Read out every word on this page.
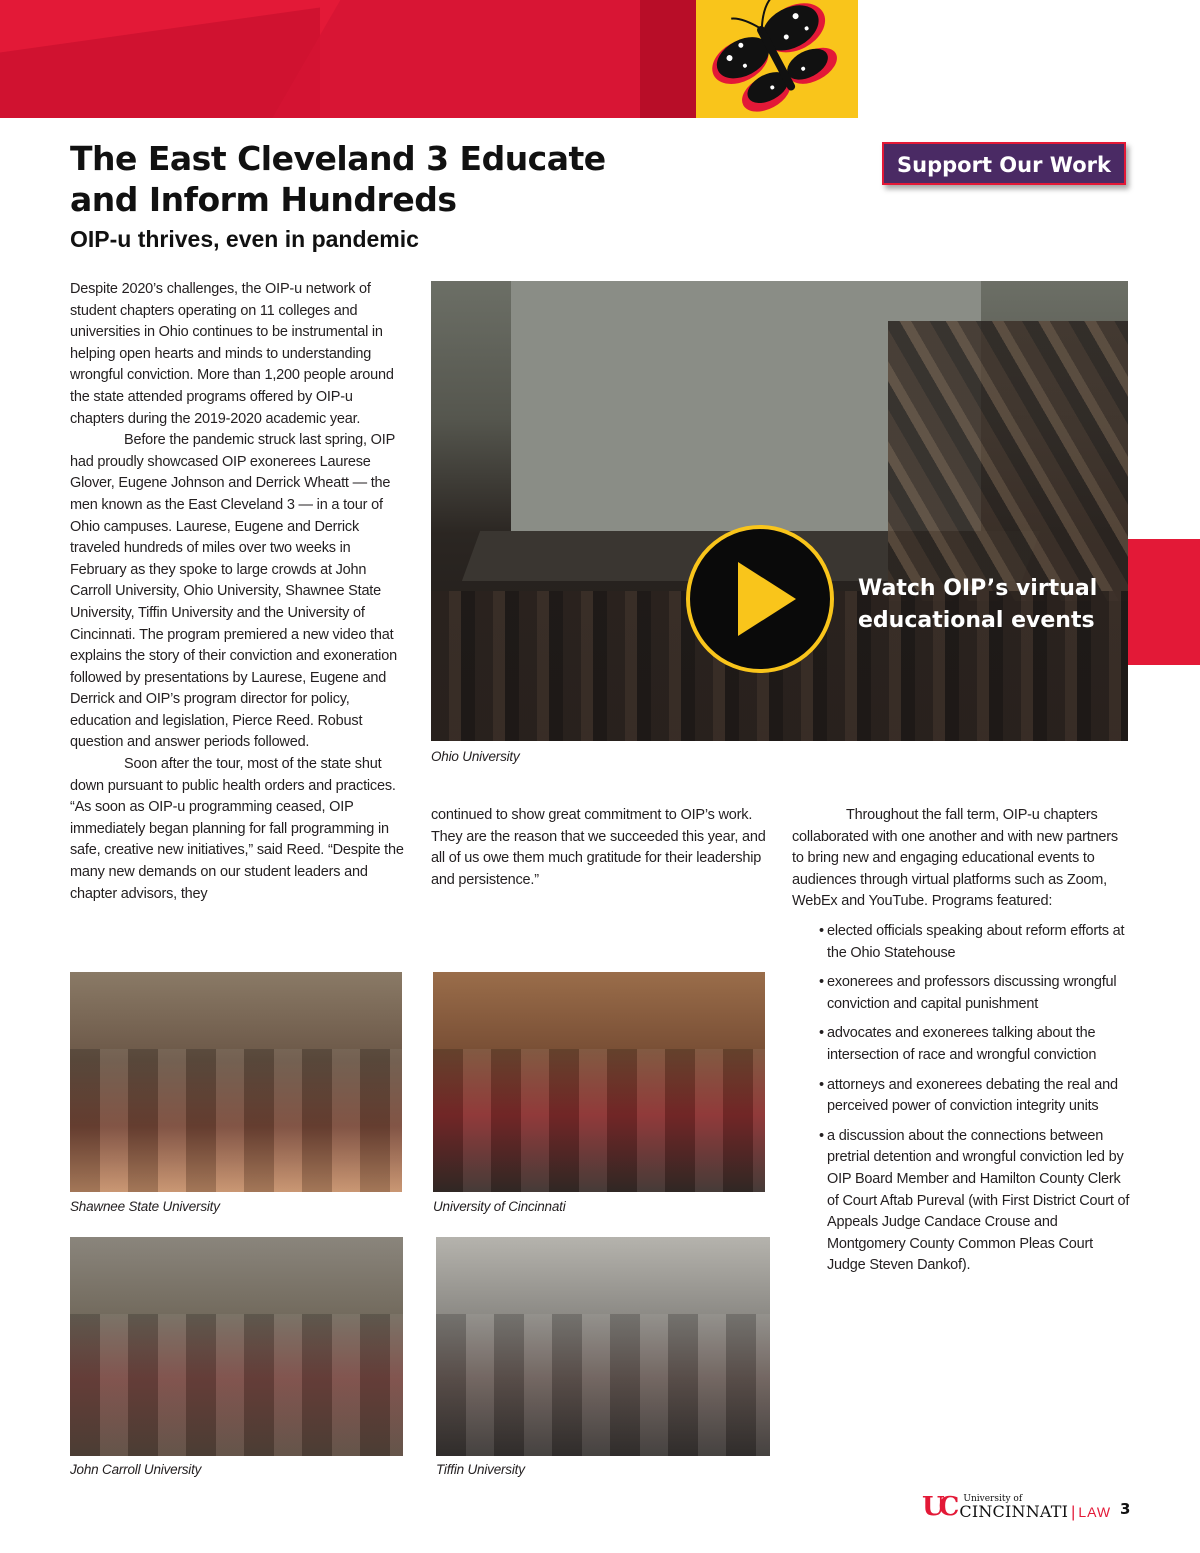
The East Cleveland 3 Educate
and Inform Hundreds
OIP-u thrives, even in pandemic
Support Our Work

Despite 2020’s challenges, the OIP-u network of student chapters operating on 11 colleges and universities in Ohio continues to be instrumental in helping open hearts and minds to understanding wrongful conviction. More than 1,200 people around the state attended programs offered by OIP-u chapters during the 2019-2020 academic year.

Before the pandemic struck last spring, OIP had proudly showcased OIP exonerees Laurese Glover, Eugene Johnson and Derrick Wheatt — the men known as the East Cleveland 3 — in a tour of Ohio campuses. Laurese, Eugene and Derrick traveled hundreds of miles over two weeks in February as they spoke to large crowds at John Carroll University, Ohio University, Shawnee State University, Tiffin University and the University of Cincinnati. The program premiered a new video that explains the story of their conviction and exoneration followed by presentations by Laurese, Eugene and Derrick and OIP’s program director for policy, education and legislation, Pierce Reed. Robust question and answer periods followed.

Soon after the tour, most of the state shut down pursuant to public health orders and practices. “As soon as OIP-u programming ceased, OIP immediately began planning for fall programming in safe, creative new initiatives,” said Reed. “Despite the many new demands on our student leaders and chapter advisors, they

Watch OIP’s virtual educational events
Ohio University

continued to show great commitment to OIP’s work. They are the reason that we succeeded this year, and all of us owe them much gratitude for their leadership and persistence.”

Throughout the fall term, OIP-u chapters collaborated with one another and with new partners to bring new and engaging educational events to audiences through virtual platforms such as Zoom, WebEx and YouTube. Programs featured:

• elected officials speaking about reform efforts at the Ohio Statehouse
• exonerees and professors discussing wrongful conviction and capital punishment
• advocates and exonerees talking about the intersection of race and wrongful conviction
• attorneys and exonerees debating the real and perceived power of conviction integrity units
• a discussion about the connections between pretrial detention and wrongful conviction led by OIP Board Member and Hamilton County Clerk of Court Aftab Pureval (with First District Court of Appeals Judge Candace Crouse and Montgomery County Common Pleas Court Judge Steven Dankof).
Shawnee State University	University of Cincinnati
John Carroll University	Tiffin University
UC University of
CINCINNATI | LAW 3
